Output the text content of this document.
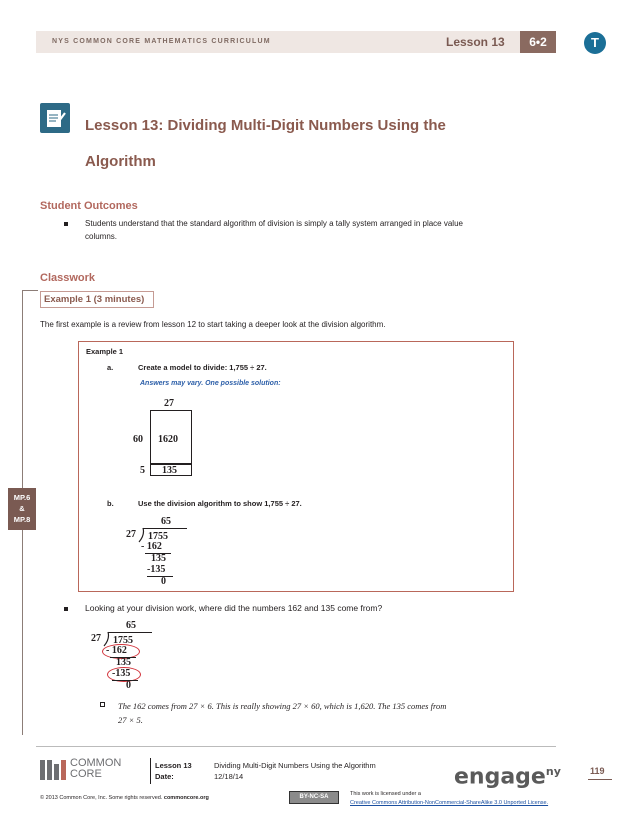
NYS COMMON CORE MATHEMATICS CURRICULUM	Lesson 13	6•2	T
Lesson 13: Dividing Multi-Digit Numbers Using the
Algorithm
Student Outcomes
Students understand that the standard algorithm of division is simply a tally system arranged in place value
columns.
Classwork
Example 1 (3 minutes)
The first example is a review from lesson 12 to start taking a deeper look at the division algorithm.
MP.6
&
MP.8
Example 1
a.	Create a model to divide: 1,755 ÷ 27.
Answers may vary. One possible solution:
27
60 1620
5 135
b.	Use the division algorithm to show 1,755 ÷ 27.
65
27 1755
- 162
135
-135
0
Looking at your division work, where did the numbers 162 and 135 come from?
65
27 1755
- 162
135
-135
0
The 162 comes from 27 × 6. This is really showing 27 × 60, which is 1,620. The 135 comes from
27 × 5.
COMMON
CORE
Lesson 13
Date:
Dividing Multi-Digit Numbers Using the Algorithm
12/18/14	engage$^{ny}$	119
© 2013 Common Core, Inc. Some rights reserved. commoncore.org	BY-NC-SA	This work is licensed under a
Creative Commons Attribution-NonCommercial-ShareAlike 3.0 Unported License.
